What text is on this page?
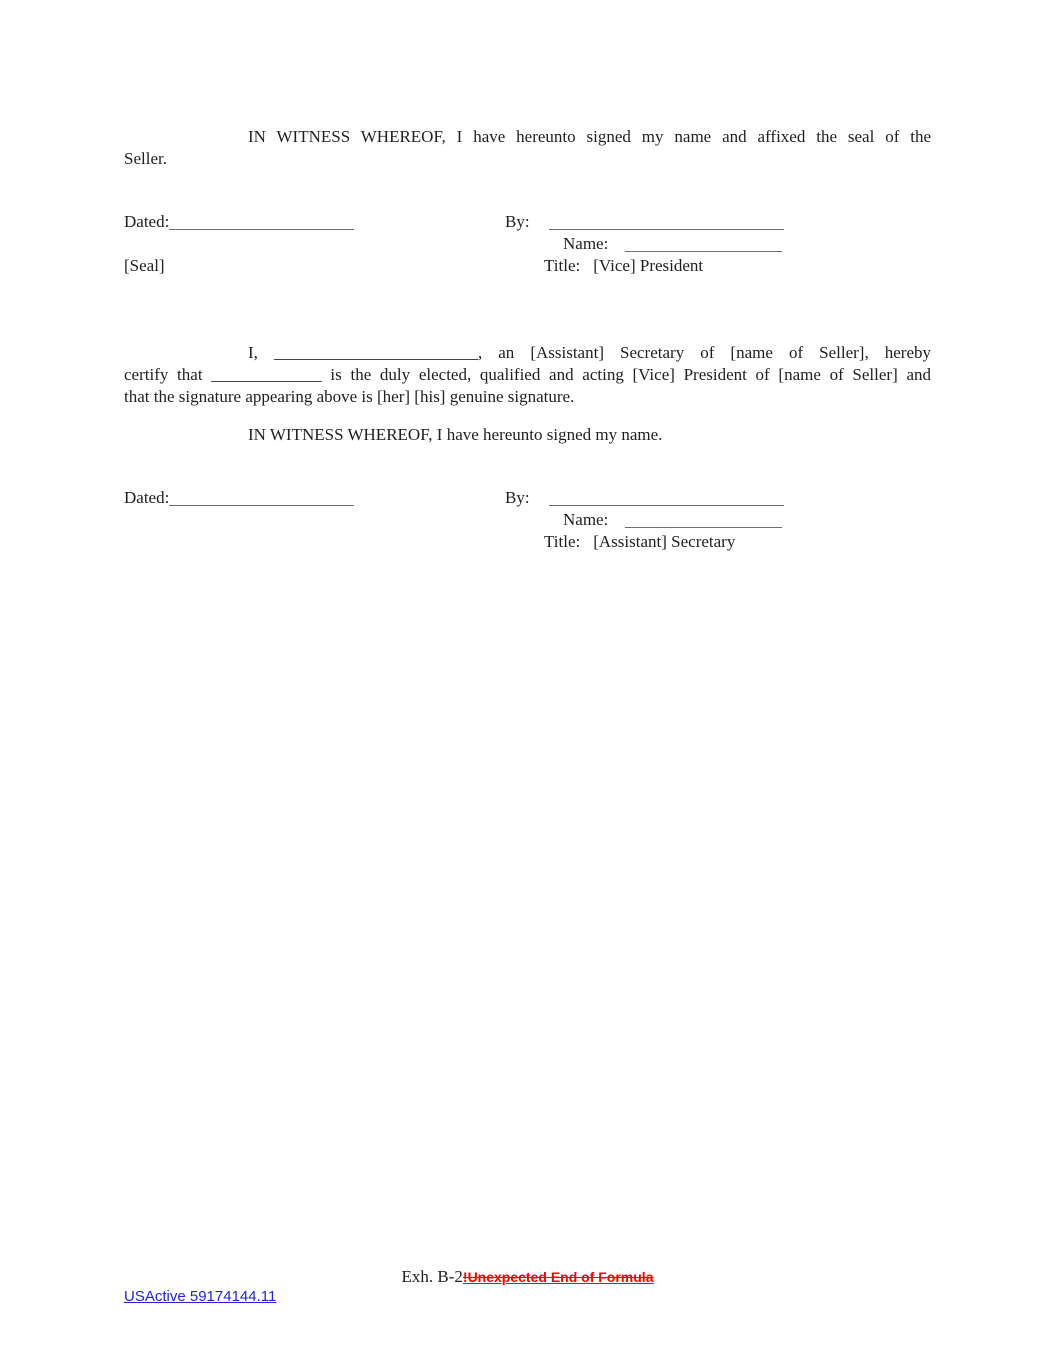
IN WITNESS WHEREOF, I have hereunto signed my name and affixed the seal of the
Seller.
Dated:
[Seal]
By:
Name:
Title: [Vice] President
I, ________________________, an [Assistant] Secretary of [name of Seller], hereby
certify that _____________ is the duly elected, qualified and acting [Vice] President of [name of Seller] and
that the signature appearing above is [her] [his] genuine signature.
IN WITNESS WHEREOF, I have hereunto signed my name.
Dated:	By:
Name:
Title: [Assistant] Secretary
Exh. B-2!Unexpected End of Formula
USActive 59174144.11
